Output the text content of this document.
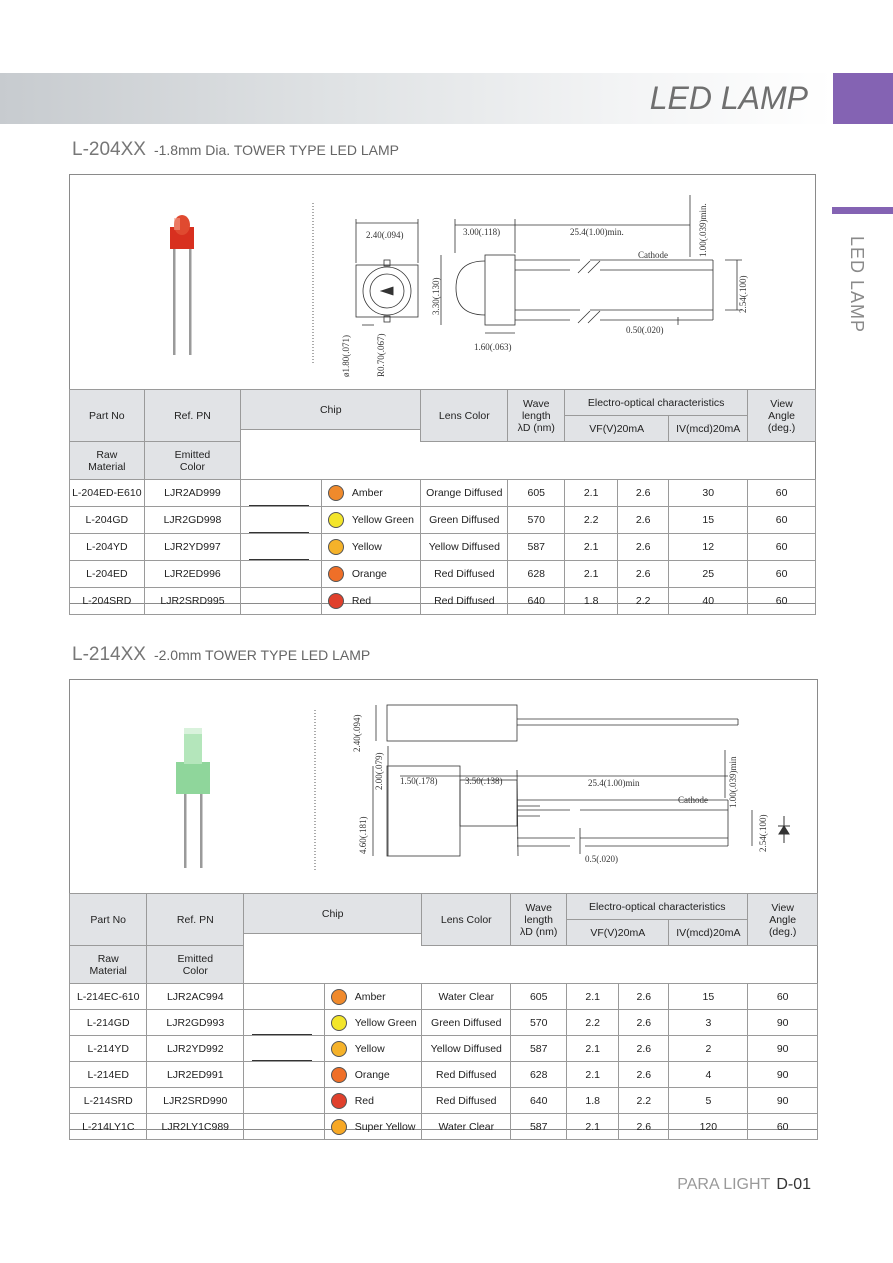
LED LAMP
LED LAMP
L-204XX -1.8mm Dia. TOWER TYPE LED LAMP
2.40(.094)
ø1.80(.071)	R0.70(.067)
3.00(.118)	25.4(1.00)min.	1.00(.039)min.
Cathode
3.30(.130)	2.54(.100)
0.50(.020)
1.60(.063)
Part No	Ref. PN	Chip		Lens Color	Wave length λD (nm)	Electro-optical characteristics			View Angle (deg.)
						VF(V)20mA		IV(mcd)20mA	

Raw Material	Emitted Color							
L-204ED-E610	LJR2AD999		Amber	Orange Diffused	605	2.1	2.6	30	60
L-204GD	LJR2GD998		Yellow Green	Green Diffused	570	2.2	2.6	15	60
L-204YD	LJR2YD997		Yellow	Yellow Diffused	587	2.1	2.6	12	60
L-204ED	LJR2ED996		Orange	Red Diffused	628	2.1	2.6	25	60
L-204SRD	LJR2SRD995		Red	Red Diffused	640	1.8	2.2	40	60
L-214XX -2.0mm TOWER TYPE LED LAMP
2.40(.094)
2.00(.079) 1.50(.178)	3.50(.138)	25.4(1.00)min	1.00(.039)min
Cathode
4.60(.181)	2.54(.100)
0.5(.020)
Part No	Ref. PN	Chip		Lens Color	Wave length λD (nm)	Electro-optical characteristics			View Angle (deg.)
						VF(V)20mA		IV(mcd)20mA	

Raw Material	Emitted Color							
L-214EC-610	LJR2AC994		Amber	Water Clear	605	2.1	2.6	15	60
L-214GD	LJR2GD993		Yellow Green	Green Diffused	570	2.2	2.6	3	90
L-214YD	LJR2YD992		Yellow	Yellow Diffused	587	2.1	2.6	2	90
L-214ED	LJR2ED991		Orange	Red Diffused	628	2.1	2.6	4	90
L-214SRD	LJR2SRD990		Red	Red Diffused	640	1.8	2.2	5	90
L-214LY1C	LJR2LY1C989		Super Yellow	Water Clear	587	2.1	2.6	120	60
PARA LIGHT D-01
